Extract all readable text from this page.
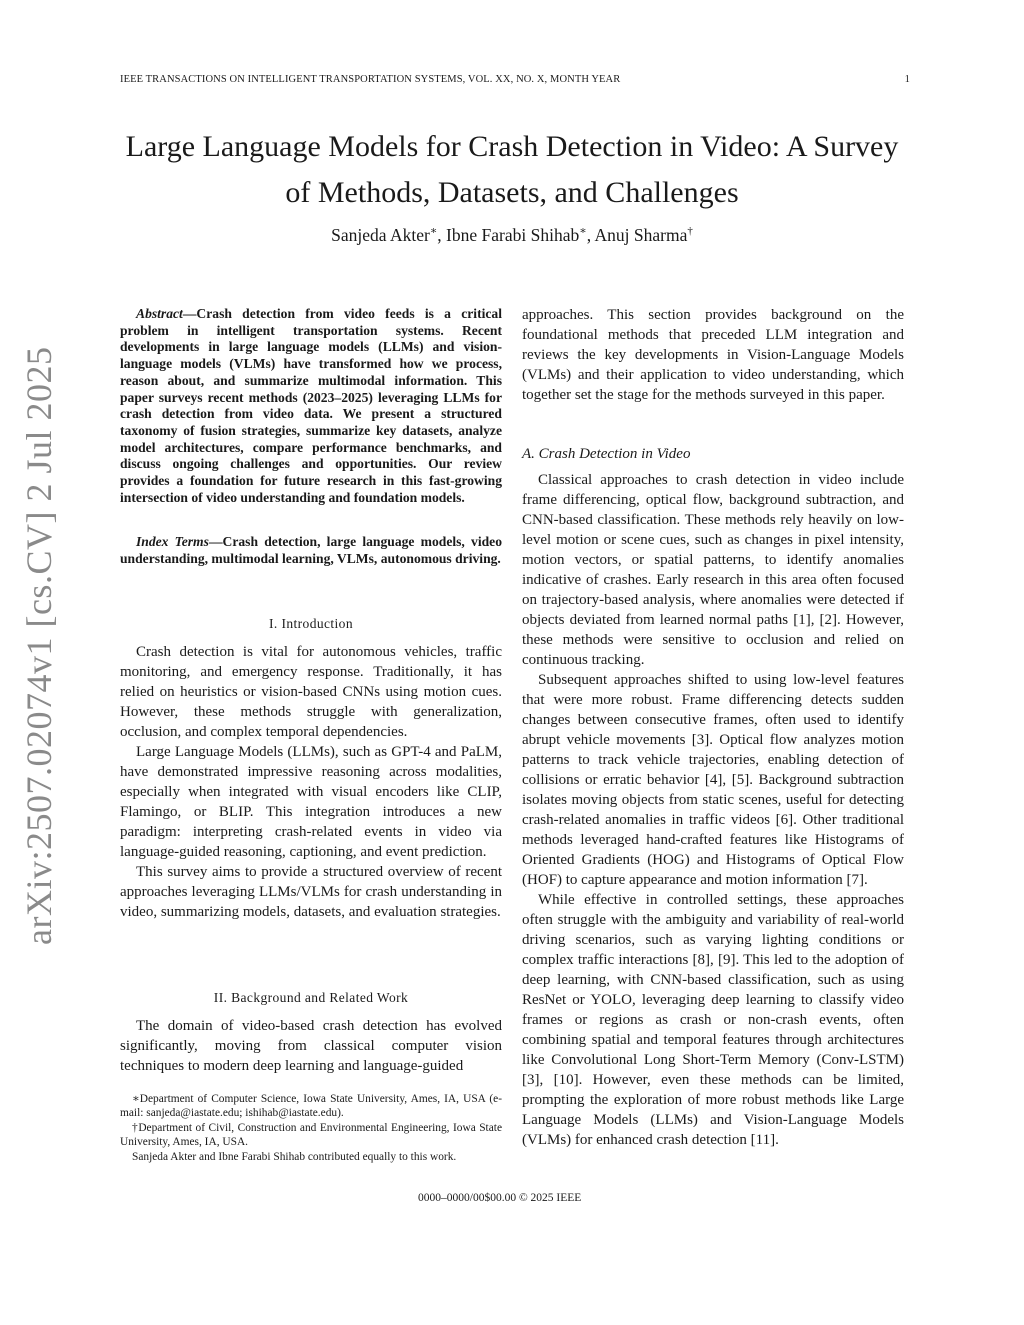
IEEE TRANSACTIONS ON INTELLIGENT TRANSPORTATION SYSTEMS, VOL. XX, NO. X, MONTH YEAR	1
Large Language Models for Crash Detection in Video: A Survey
of Methods, Datasets, and Challenges
Sanjeda Akter∗, Ibne Farabi Shihab∗, Anuj Sharma†
arXiv:2507.02074v1 [cs.CV] 2 Jul 2025
Abstract—Crash detection from video feeds is a critical problem in intelligent transportation systems. Recent developments in large language models (LLMs) and vision-language models (VLMs) have transformed how we process, reason about, and summarize multimodal information. This paper surveys recent methods (2023–2025) leveraging LLMs for crash detection from video data. We present a structured taxonomy of fusion strategies, summarize key datasets, analyze model architectures, compare performance benchmarks, and discuss ongoing challenges and opportunities. Our review provides a foundation for future research in this fast-growing intersection of video understanding and foundation models.
Index Terms—Crash detection, large language models, video understanding, multimodal learning, VLMs, autonomous driving.
I. Introduction

Crash detection is vital for autonomous vehicles, traffic monitoring, and emergency response. Traditionally, it has relied on heuristics or vision-based CNNs using motion cues. However, these methods struggle with generalization, occlusion, and complex temporal dependencies.

Large Language Models (LLMs), such as GPT-4 and PaLM, have demonstrated impressive reasoning across modalities, especially when integrated with visual encoders like CLIP, Flamingo, or BLIP. This integration introduces a new paradigm: interpreting crash-related events in video via language-guided reasoning, captioning, and event prediction.

This survey aims to provide a structured overview of recent approaches leveraging LLMs/VLMs for crash understanding in video, summarizing models, datasets, and evaluation strategies.

II. Background and Related Work

The domain of video-based crash detection has evolved significantly, moving from classical computer vision techniques to modern deep learning and language-guided

∗Department of Computer Science, Iowa State University, Ames, IA, USA (e-mail: sanjeda@iastate.edu; ishihab@iastate.edu).

†Department of Civil, Construction and Environmental Engineering, Iowa State University, Ames, IA, USA.

Sanjeda Akter and Ibne Farabi Shihab contributed equally to this work.

approaches. This section provides background on the foundational methods that preceded LLM integration and reviews the key developments in Vision-Language Models (VLMs) and their application to video understanding, which together set the stage for the methods surveyed in this paper.

A. Crash Detection in Video

Classical approaches to crash detection in video include frame differencing, optical flow, background subtraction, and CNN-based classification. These methods rely heavily on low-level motion or scene cues, such as changes in pixel intensity, motion vectors, or spatial patterns, to identify anomalies indicative of crashes. Early research in this area often focused on trajectory-based analysis, where anomalies were detected if objects deviated from learned normal paths [1], [2]. However, these methods were sensitive to occlusion and relied on continuous tracking.

Subsequent approaches shifted to using low-level features that were more robust. Frame differencing detects sudden changes between consecutive frames, often used to identify abrupt vehicle movements [3]. Optical flow analyzes motion patterns to track vehicle trajectories, enabling detection of collisions or erratic behavior [4], [5]. Background subtraction isolates moving objects from static scenes, useful for detecting crash-related anomalies in traffic videos [6]. Other traditional methods leveraged hand-crafted features like Histograms of Oriented Gradients (HOG) and Histograms of Optical Flow (HOF) to capture appearance and motion information [7].

While effective in controlled settings, these approaches often struggle with the ambiguity and variability of real-world driving scenarios, such as varying lighting conditions or complex traffic interactions [8], [9]. This led to the adoption of deep learning, with CNN-based classification, such as using ResNet or YOLO, leveraging deep learning to classify video frames or regions as crash or non-crash events, often combining spatial and temporal features through architectures like Convolutional Long Short-Term Memory (Conv-LSTM) [3], [10]. However, even these methods can be limited, prompting the exploration of more robust methods like Large Language Models (LLMs) and Vision-Language Models (VLMs) for enhanced crash detection [11].

0000–0000/00$00.00 © 2025 IEEE
